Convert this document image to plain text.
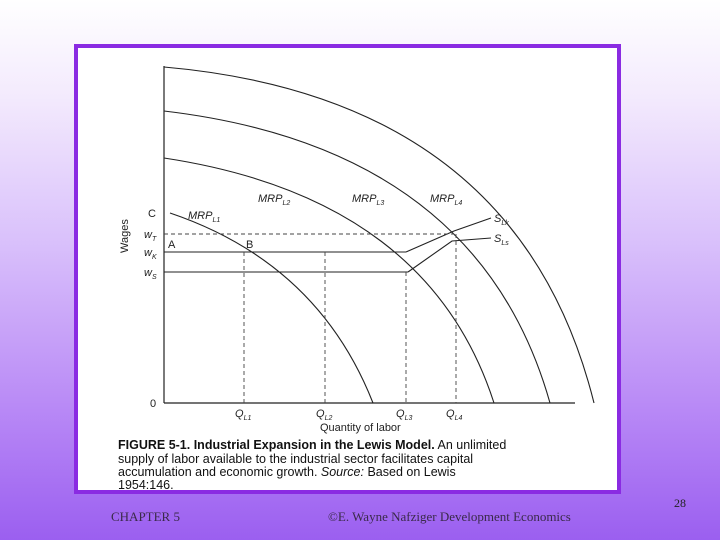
Wages
C
$w_T$
$w_K$
$w_S$
0
A	B
$MRP_{L1}$
$MRP_{L2}$	$MRP_{L3}$	$MRP_{L4}$
$S_{Lk}$
$S_{Ls}$
$Q_{L1}$	$Q_{L2}$	$Q_{L3}$	$Q_{L4}$
Quantity of labor
FIGURE 5-1. Industrial Expansion in the Lewis Model. An unlimited
supply of labor available to the industrial sector facilitates capital
accumulation and economic growth. Source: Based on Lewis
1954:146.
CHAPTER 5	©E. Wayne Nafziger Development Economics
28
